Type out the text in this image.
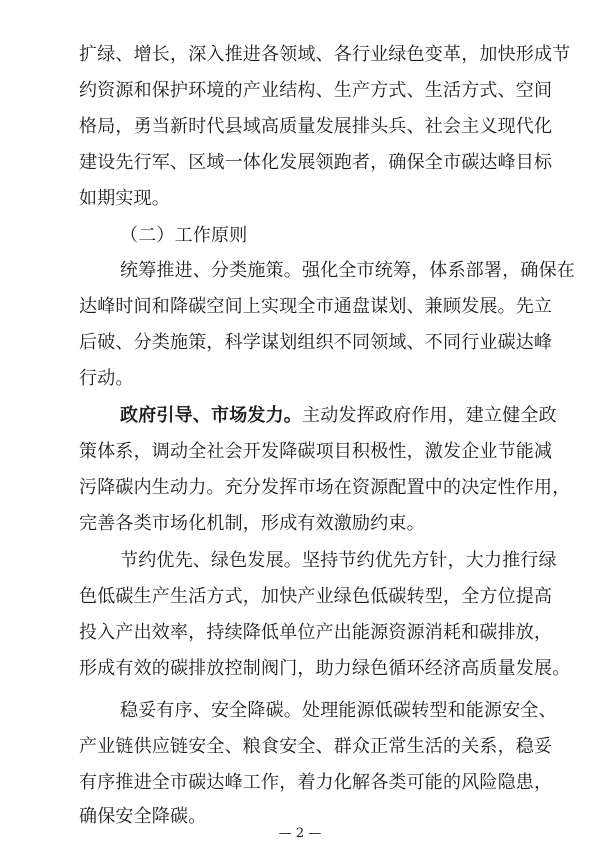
扩绿、增长，深入推进各领域、各行业绿色变革，加快形成节
约资源和保护环境的产业结构、生产方式、生活方式、空间
格局，勇当新时代县域高质量发展排头兵、社会主义现代化
建设先行军、区域一体化发展领跑者，确保全市碳达峰目标
如期实现。
（二）工作原则
统筹推进、分类施策。强化全市统筹，体系部署，确保在
达峰时间和降碳空间上实现全市通盘谋划、兼顾发展。先立
后破、分类施策，科学谋划组织不同领域、不同行业碳达峰
行动。
政府引导、市场发力。主动发挥政府作用，建立健全政
策体系，调动全社会开发降碳项目积极性，激发企业节能减
污降碳内生动力。充分发挥市场在资源配置中的决定性作用，
完善各类市场化机制，形成有效激励约束。
节约优先、绿色发展。坚持节约优先方针，大力推行绿
色低碳生产生活方式，加快产业绿色低碳转型，全方位提高
投入产出效率，持续降低单位产出能源资源消耗和碳排放，
形成有效的碳排放控制阀门，助力绿色循环经济高质量发展。
稳妥有序、安全降碳。处理能源低碳转型和能源安全、
产业链供应链安全、粮食安全、群众正常生活的关系，稳妥
有序推进全市碳达峰工作，着力化解各类可能的风险隐患，
确保安全降碳。
— 2 —
